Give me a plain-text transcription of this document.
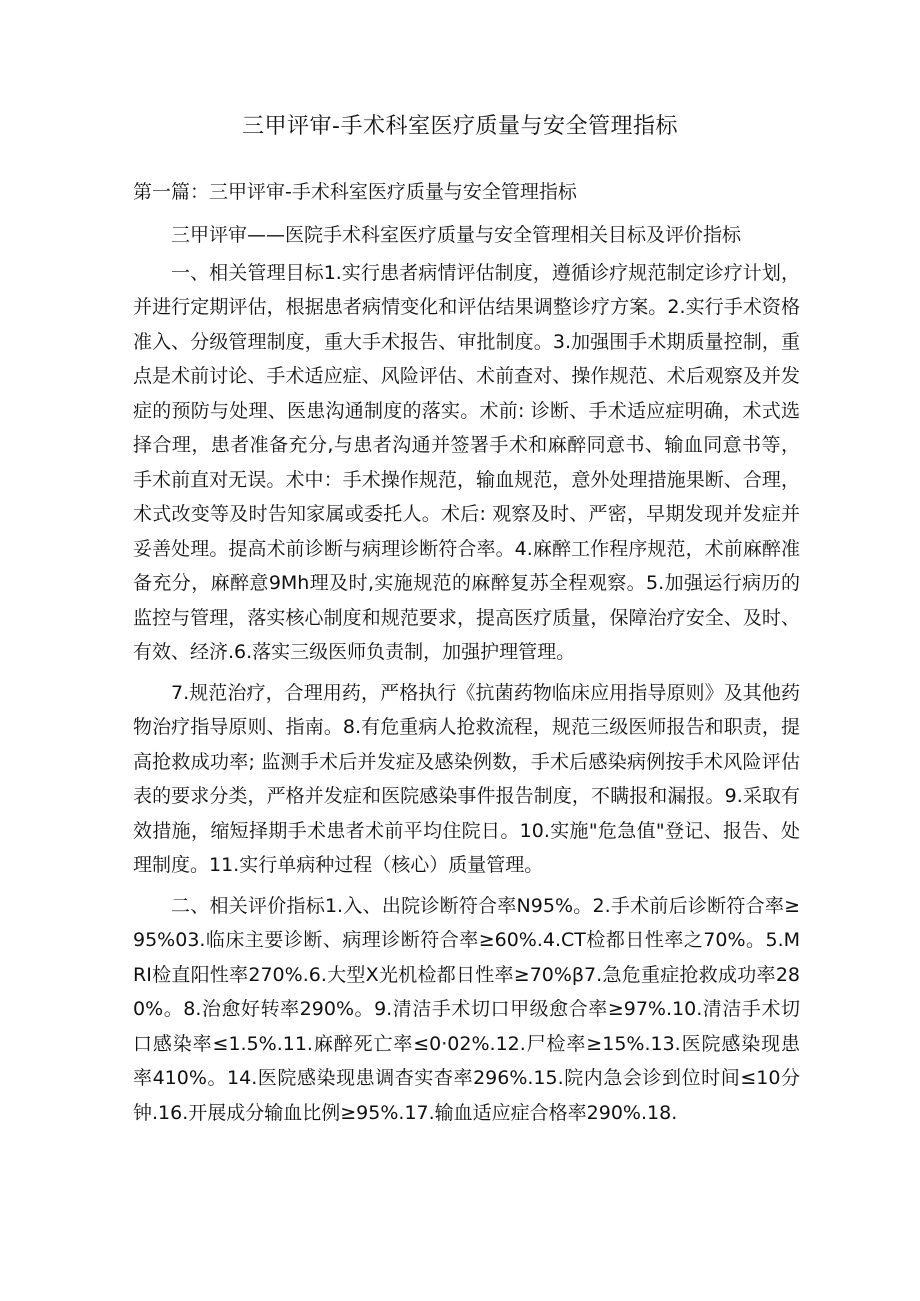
三甲评审-手术科室医疗质量与安全管理指标
第一篇：三甲评审-手术科室医疗质量与安全管理指标

三甲评审——医院手术科室医疗质量与安全管理相关目标及评价指标

一、相关管理目标1.实行患者病情评估制度，遵循诊疗规范制定诊疗计划，并进行定期评估，根据患者病情变化和评估结果调整诊疗方案。2.实行手术资格准入、分级管理制度，重大手术报告、审批制度。3.加强围手术期质量控制，重点是术前讨论、手术适应症、风险评估、术前查对、操作规范、术后观察及并发症的预防与处理、医患沟通制度的落实。术前: 诊断、手术适应症明确，术式选择合理，患者准备充分,与患者沟通并签署手术和麻醉同意书、输血同意书等，手术前直对无误。术中：手术操作规范，输血规范，意外处理措施果断、合理，术式改变等及时告知家属或委托人。术后: 观察及时、严密，早期发现并发症并妥善处理。提高术前诊断与病理诊断符合率。4.麻醉工作程序规范，术前麻醉准备充分，麻醉意9Mh理及时,实施规范的麻醉复苏全程观察。5.加强运行病历的监控与管理，落实核心制度和规范要求，提高医疗质量，保障治疗安全、及时、有效、经济.6.落实三级医师负责制，加强护理管理。

7.规范治疗，合理用药，严格执行《抗菌药物临床应用指导原则》及其他药物治疗指导原则、指南。8.有危重病人抢救流程，规范三级医师报告和职责，提高抢救成功率; 监测手术后并发症及感染例数，手术后感染病例按手术风险评估表的要求分类，严格并发症和医院感染事件报告制度，不瞒报和漏报。9.采取有效措施，缩短择期手术患者术前平均住院日。10.实施"危急值"登记、报告、处理制度。11.实行单病种过程（核心）质量管理。

二、相关评价指标1.入、出院诊断符合率N95%。2.手术前后诊断符合率≥95%03.临床主要诊断、病理诊断符合率≥60%.4.CT检都日性率之70%。5.MRI检直阳性率270%.6.大型X光机检都日性率≥70%β7.急危重症抢救成功率280%。8.治愈好转率290%。9.清洁手术切口甲级愈合率≥97%.10.清洁手术切口感染率≤1.5%.11.麻醉死亡率≤0·02%.12.尸检率≥15%.13.医院感染现患率410%。14.医院感染现患调杳实杳率296%.15.院内急会诊到位时间≤10分钟.16.开展成分输血比例≥95%.17.输血适应症合格率290%.18.
